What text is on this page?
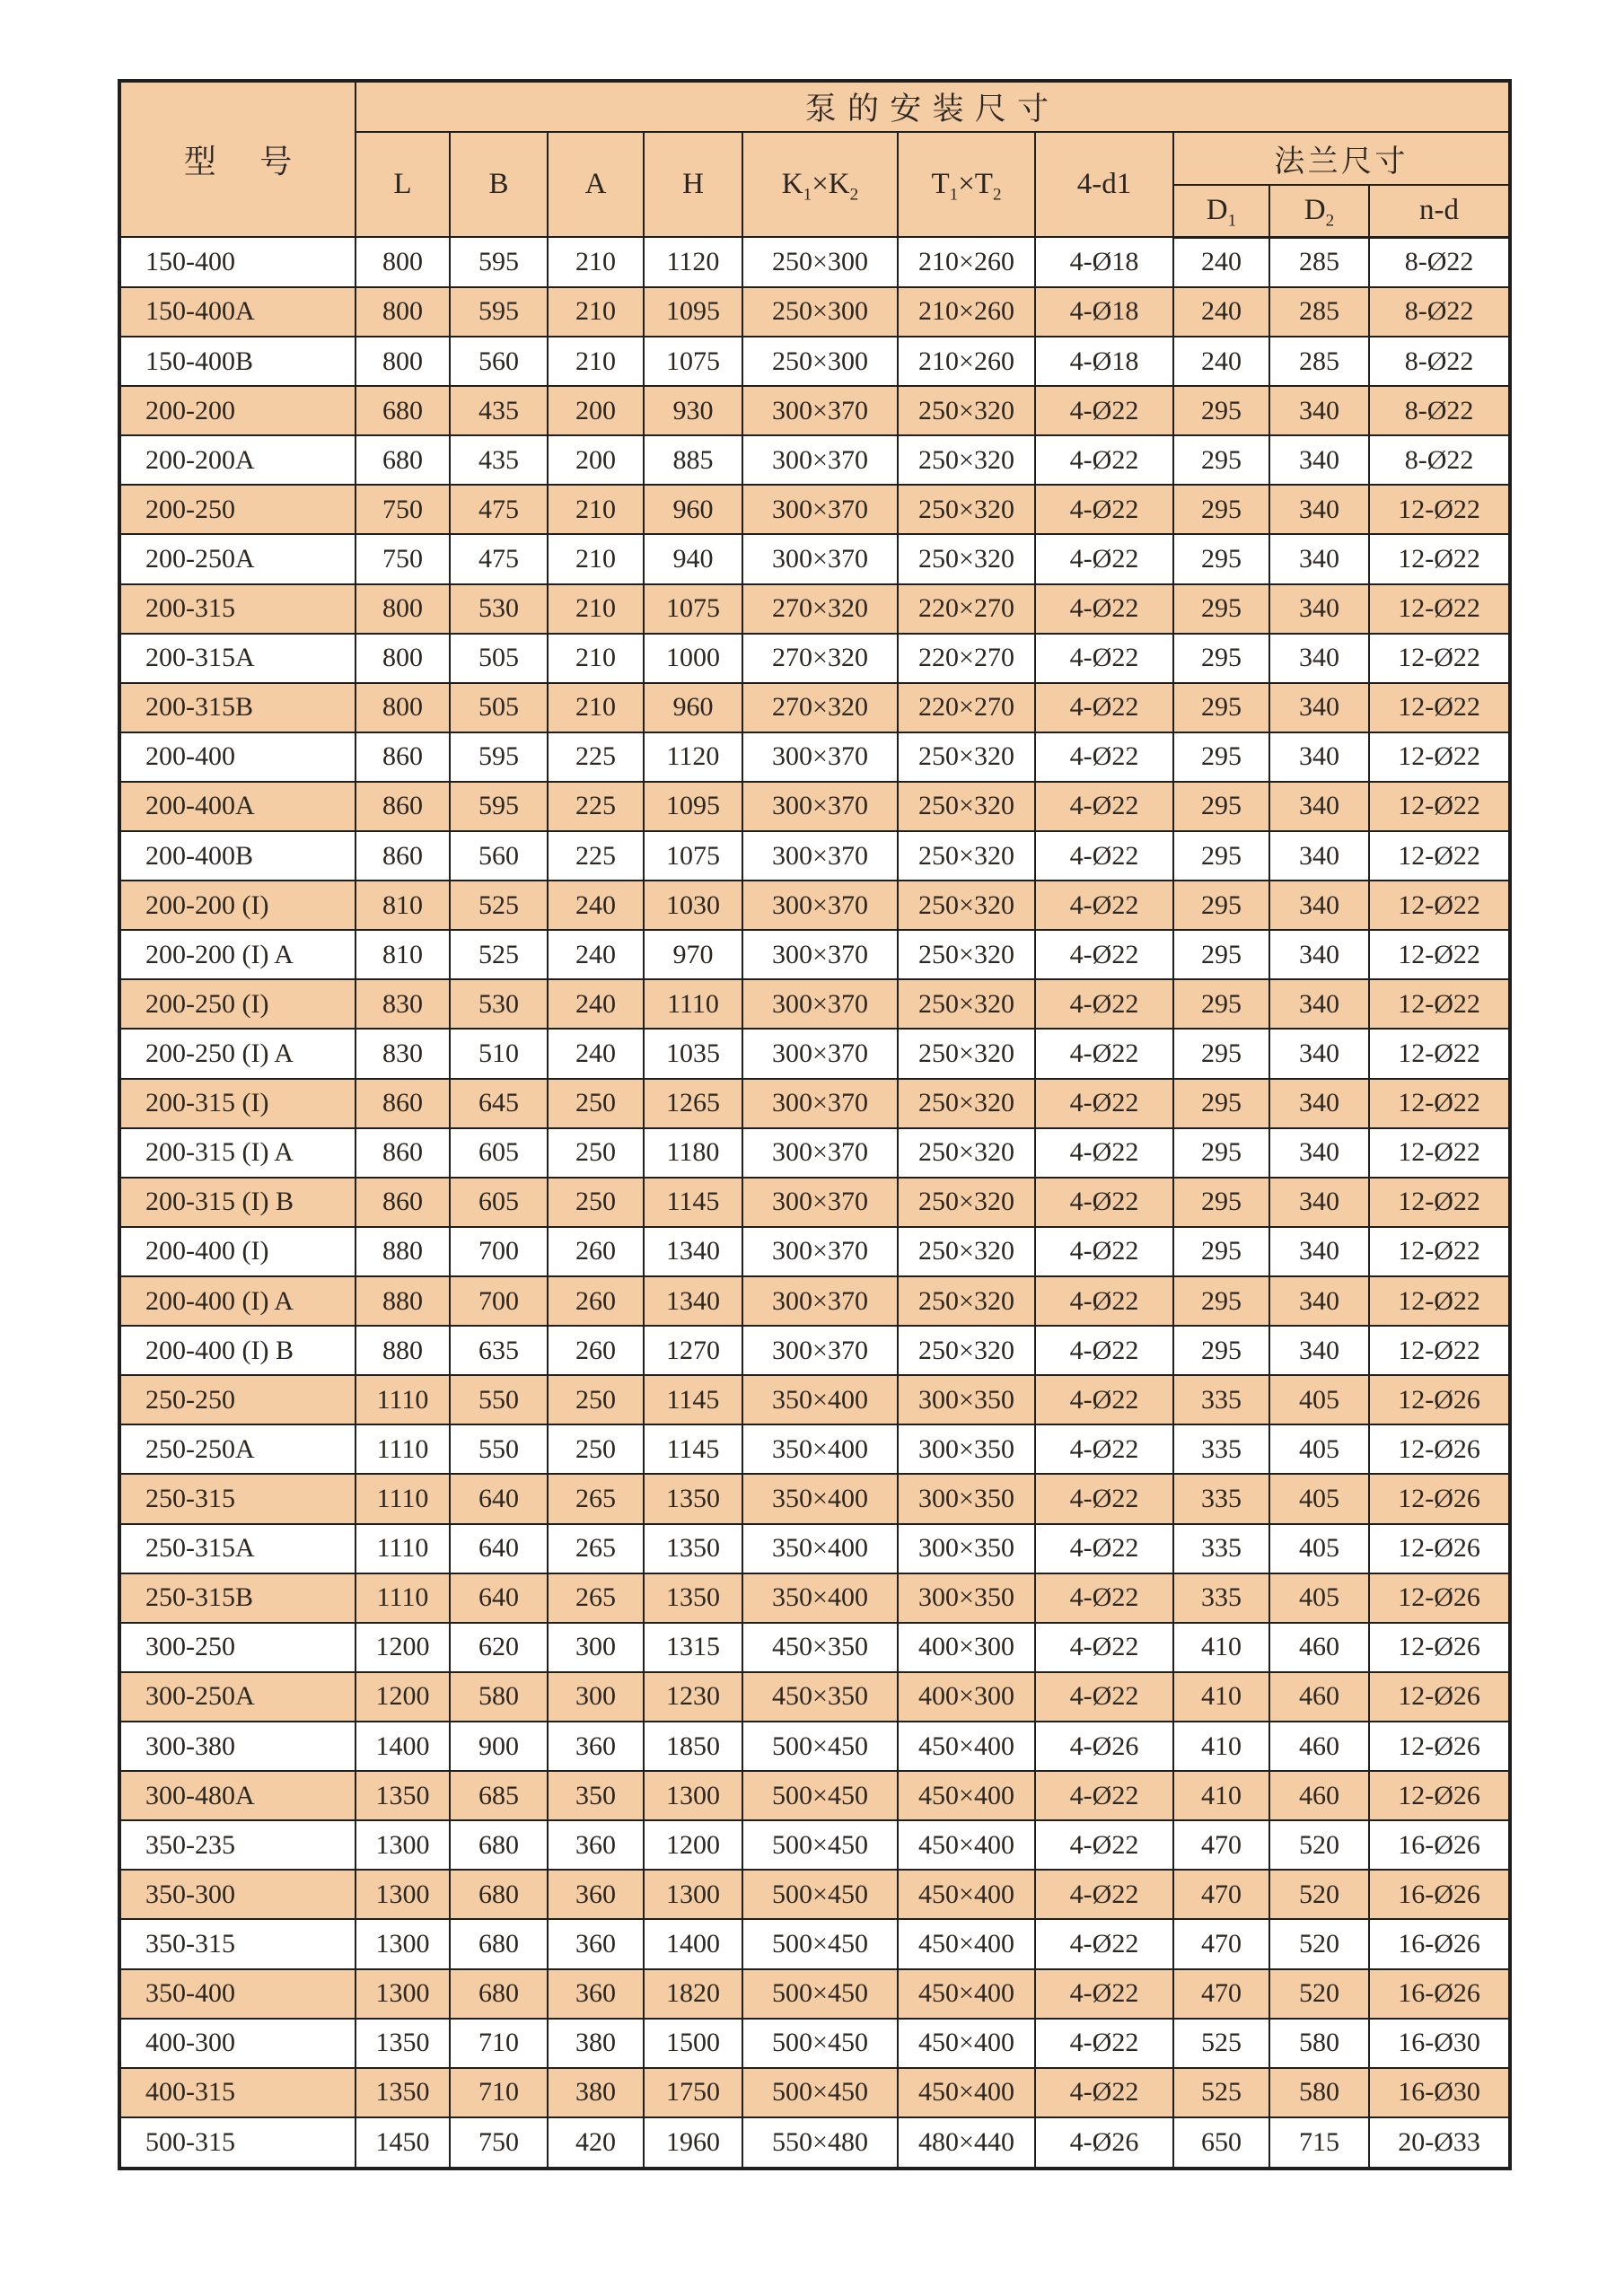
型 号	泵的安装尺寸									
	L	B	A	H	$K_1\times K_2$	$T_1\times T_2$	4-d1	法兰尺寸		
								$D_1$	$D_2$	n-d
150-400	800	595	210	1120	250×300	210×260	4-Ø18	240	285	8-Ø22
150-400A	800	595	210	1095	250×300	210×260	4-Ø18	240	285	8-Ø22
150-400B	800	560	210	1075	250×300	210×260	4-Ø18	240	285	8-Ø22
200-200	680	435	200	930	300×370	250×320	4-Ø22	295	340	8-Ø22
200-200A	680	435	200	885	300×370	250×320	4-Ø22	295	340	8-Ø22
200-250	750	475	210	960	300×370	250×320	4-Ø22	295	340	12-Ø22
200-250A	750	475	210	940	300×370	250×320	4-Ø22	295	340	12-Ø22
200-315	800	530	210	1075	270×320	220×270	4-Ø22	295	340	12-Ø22
200-315A	800	505	210	1000	270×320	220×270	4-Ø22	295	340	12-Ø22
200-315B	800	505	210	960	270×320	220×270	4-Ø22	295	340	12-Ø22
200-400	860	595	225	1120	300×370	250×320	4-Ø22	295	340	12-Ø22
200-400A	860	595	225	1095	300×370	250×320	4-Ø22	295	340	12-Ø22
200-400B	860	560	225	1075	300×370	250×320	4-Ø22	295	340	12-Ø22
200-200 (I)	810	525	240	1030	300×370	250×320	4-Ø22	295	340	12-Ø22
200-200 (I) A	810	525	240	970	300×370	250×320	4-Ø22	295	340	12-Ø22
200-250 (I)	830	530	240	1110	300×370	250×320	4-Ø22	295	340	12-Ø22
200-250 (I) A	830	510	240	1035	300×370	250×320	4-Ø22	295	340	12-Ø22
200-315 (I)	860	645	250	1265	300×370	250×320	4-Ø22	295	340	12-Ø22
200-315 (I) A	860	605	250	1180	300×370	250×320	4-Ø22	295	340	12-Ø22
200-315 (I) B	860	605	250	1145	300×370	250×320	4-Ø22	295	340	12-Ø22
200-400 (I)	880	700	260	1340	300×370	250×320	4-Ø22	295	340	12-Ø22
200-400 (I) A	880	700	260	1340	300×370	250×320	4-Ø22	295	340	12-Ø22
200-400 (I) B	880	635	260	1270	300×370	250×320	4-Ø22	295	340	12-Ø22
250-250	1110	550	250	1145	350×400	300×350	4-Ø22	335	405	12-Ø26
250-250A	1110	550	250	1145	350×400	300×350	4-Ø22	335	405	12-Ø26
250-315	1110	640	265	1350	350×400	300×350	4-Ø22	335	405	12-Ø26
250-315A	1110	640	265	1350	350×400	300×350	4-Ø22	335	405	12-Ø26
250-315B	1110	640	265	1350	350×400	300×350	4-Ø22	335	405	12-Ø26
300-250	1200	620	300	1315	450×350	400×300	4-Ø22	410	460	12-Ø26
300-250A	1200	580	300	1230	450×350	400×300	4-Ø22	410	460	12-Ø26
300-380	1400	900	360	1850	500×450	450×400	4-Ø26	410	460	12-Ø26
300-480A	1350	685	350	1300	500×450	450×400	4-Ø22	410	460	12-Ø26
350-235	1300	680	360	1200	500×450	450×400	4-Ø22	470	520	16-Ø26
350-300	1300	680	360	1300	500×450	450×400	4-Ø22	470	520	16-Ø26
350-315	1300	680	360	1400	500×450	450×400	4-Ø22	470	520	16-Ø26
350-400	1300	680	360	1820	500×450	450×400	4-Ø22	470	520	16-Ø26
400-300	1350	710	380	1500	500×450	450×400	4-Ø22	525	580	16-Ø30
400-315	1350	710	380	1750	500×450	450×400	4-Ø22	525	580	16-Ø30
500-315	1450	750	420	1960	550×480	480×440	4-Ø26	650	715	20-Ø33
